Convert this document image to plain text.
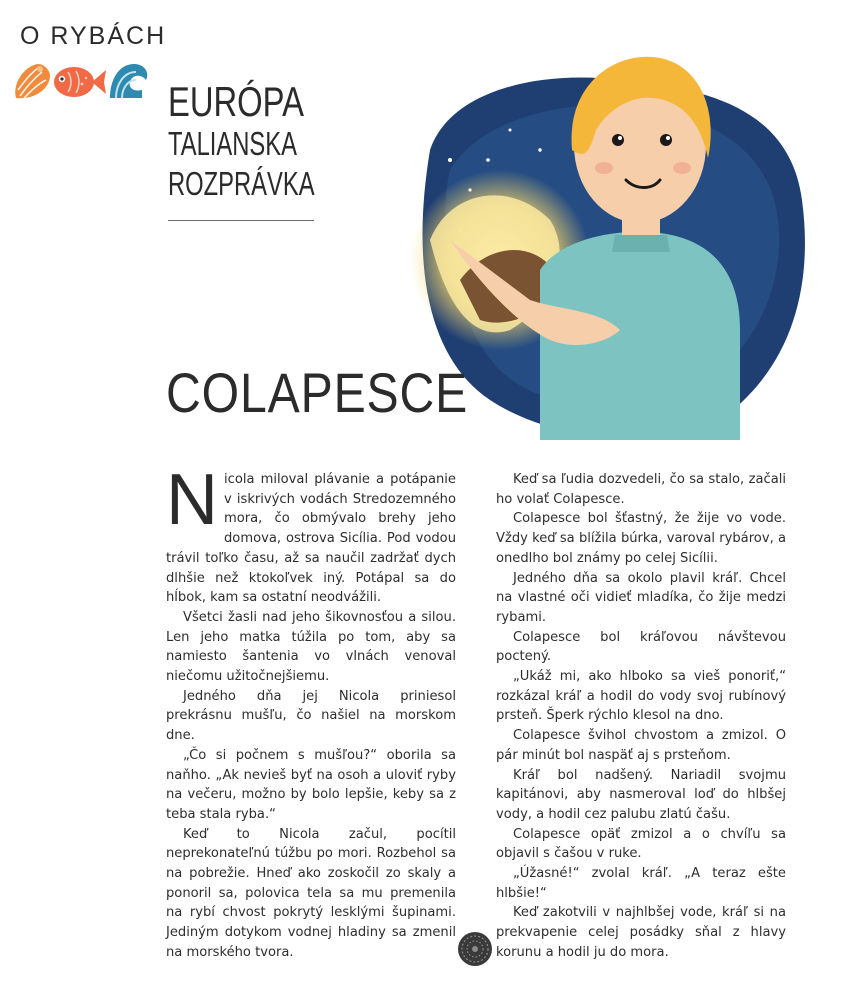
O RYBÁCH
EURÓPA
TALIANSKA
ROZPRÁVKA
COLAPESCE

Nicola miloval plávanie a potápanie v iskrivých vodách Stredozemného mora, čo obmývalo brehy jeho domova, ostrova Sicília. Pod vodou trávil toľko času, až sa naučil zadržať dych dlhšie než ktokoľvek iný. Potápal sa do hĺbok, kam sa ostatní neodvážili.

Všetci žasli nad jeho šikovnosťou a silou. Len jeho matka túžila po tom, aby sa namiesto šantenia vo vlnách venoval niečomu užitočnejšiemu.

Jedného dňa jej Nicola priniesol prekrásnu mušľu, čo našiel na morskom dne.

„Čo si počnem s mušľou?“ oborila sa naňho. „Ak nevieš byť na osoh a uloviť ryby na večeru, možno by bolo lepšie, keby sa z teba stala ryba.“

Keď to Nicola začul, pocítil neprekonateľnú túžbu po mori. Rozbehol sa na pobrežie. Hneď ako zoskočil zo skaly a ponoril sa, polovica tela sa mu premenila na rybí chvost pokrytý lesklými šupinami. Jediným dotykom vodnej hladiny sa zmenil na morského tvora.

Keď sa ľudia dozvedeli, čo sa stalo, začali ho volať Colapesce.

Colapesce bol šťastný, že žije vo vode. Vždy keď sa blížila búrka, varoval rybárov, a onedlho bol známy po celej Sicílii.

Jedného dňa sa okolo plavil kráľ. Chcel na vlastné oči vidieť mladíka, čo žije medzi rybami.

Colapesce bol kráľovou návštevou poctený.

„Ukáž mi, ako hlboko sa vieš ponoriť,“ rozkázal kráľ a hodil do vody svoj rubínový prsteň. Šperk rýchlo klesol na dno.

Colapesce švihol chvostom a zmizol. O pár minút bol naspäť aj s prsteňom.

Kráľ bol nadšený. Nariadil svojmu kapitánovi, aby nasmeroval loď do hlbšej vody, a hodil cez palubu zlatú čašu.

Colapesce opäť zmizol a o chvíľu sa objavil s čašou v ruke.

„Úžasné!“ zvolal kráľ. „A teraz ešte hlbšie!“

Keď zakotvili v najhlbšej vode, kráľ si na prekvapenie celej posádky sňal z hlavy korunu a hodil ju do mora.
